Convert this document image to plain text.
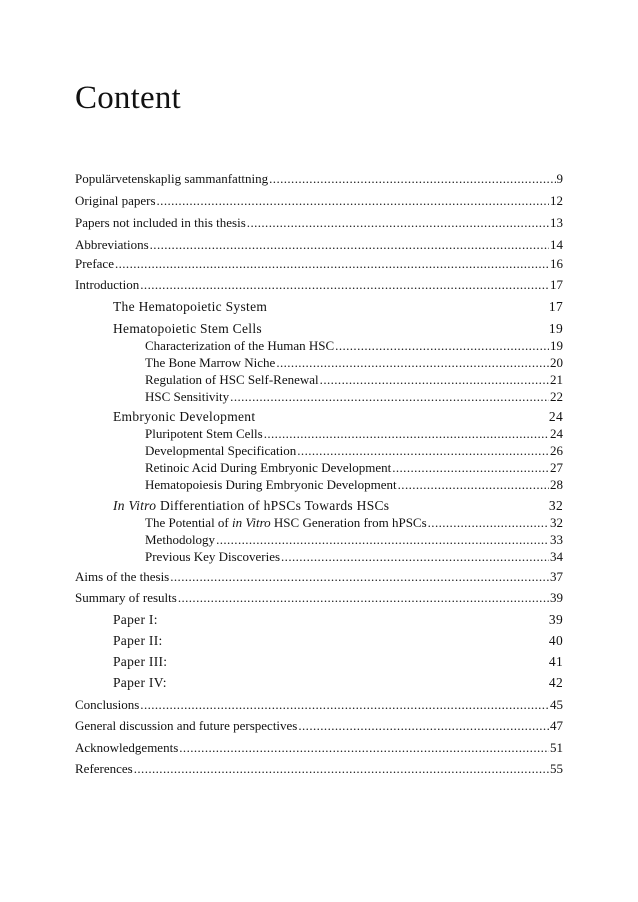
Content
Populärvetenskaplig sammanfattning .....	9
Original papers .....	12
Papers not included in this thesis .....	13
Abbreviations .....	14
Preface .....	16
Introduction .....	17
The Hematopoietic System	17
Hematopoietic Stem Cells	19
Characterization of the Human HSC .....	19
The Bone Marrow Niche .....	20
Regulation of HSC Self-Renewal .....	21
HSC Sensitivity .....	22
Embryonic Development	24
Pluripotent Stem Cells .....	24
Developmental Specification .....	26
Retinoic Acid During Embryonic Development .....	27
Hematopoiesis During Embryonic Development .....	28
In Vitro Differentiation of hPSCs Towards HSCs	32
The Potential of in Vitro HSC Generation from hPSCs .....	32
Methodology .....	33
Previous Key Discoveries .....	34
Aims of the thesis .....	37
Summary of results .....	39
Paper I:	39
Paper II:	40
Paper III:	41
Paper IV:	42
Conclusions .....	45
General discussion and future perspectives .....	47
Acknowledgements .....	51
References .....	55
